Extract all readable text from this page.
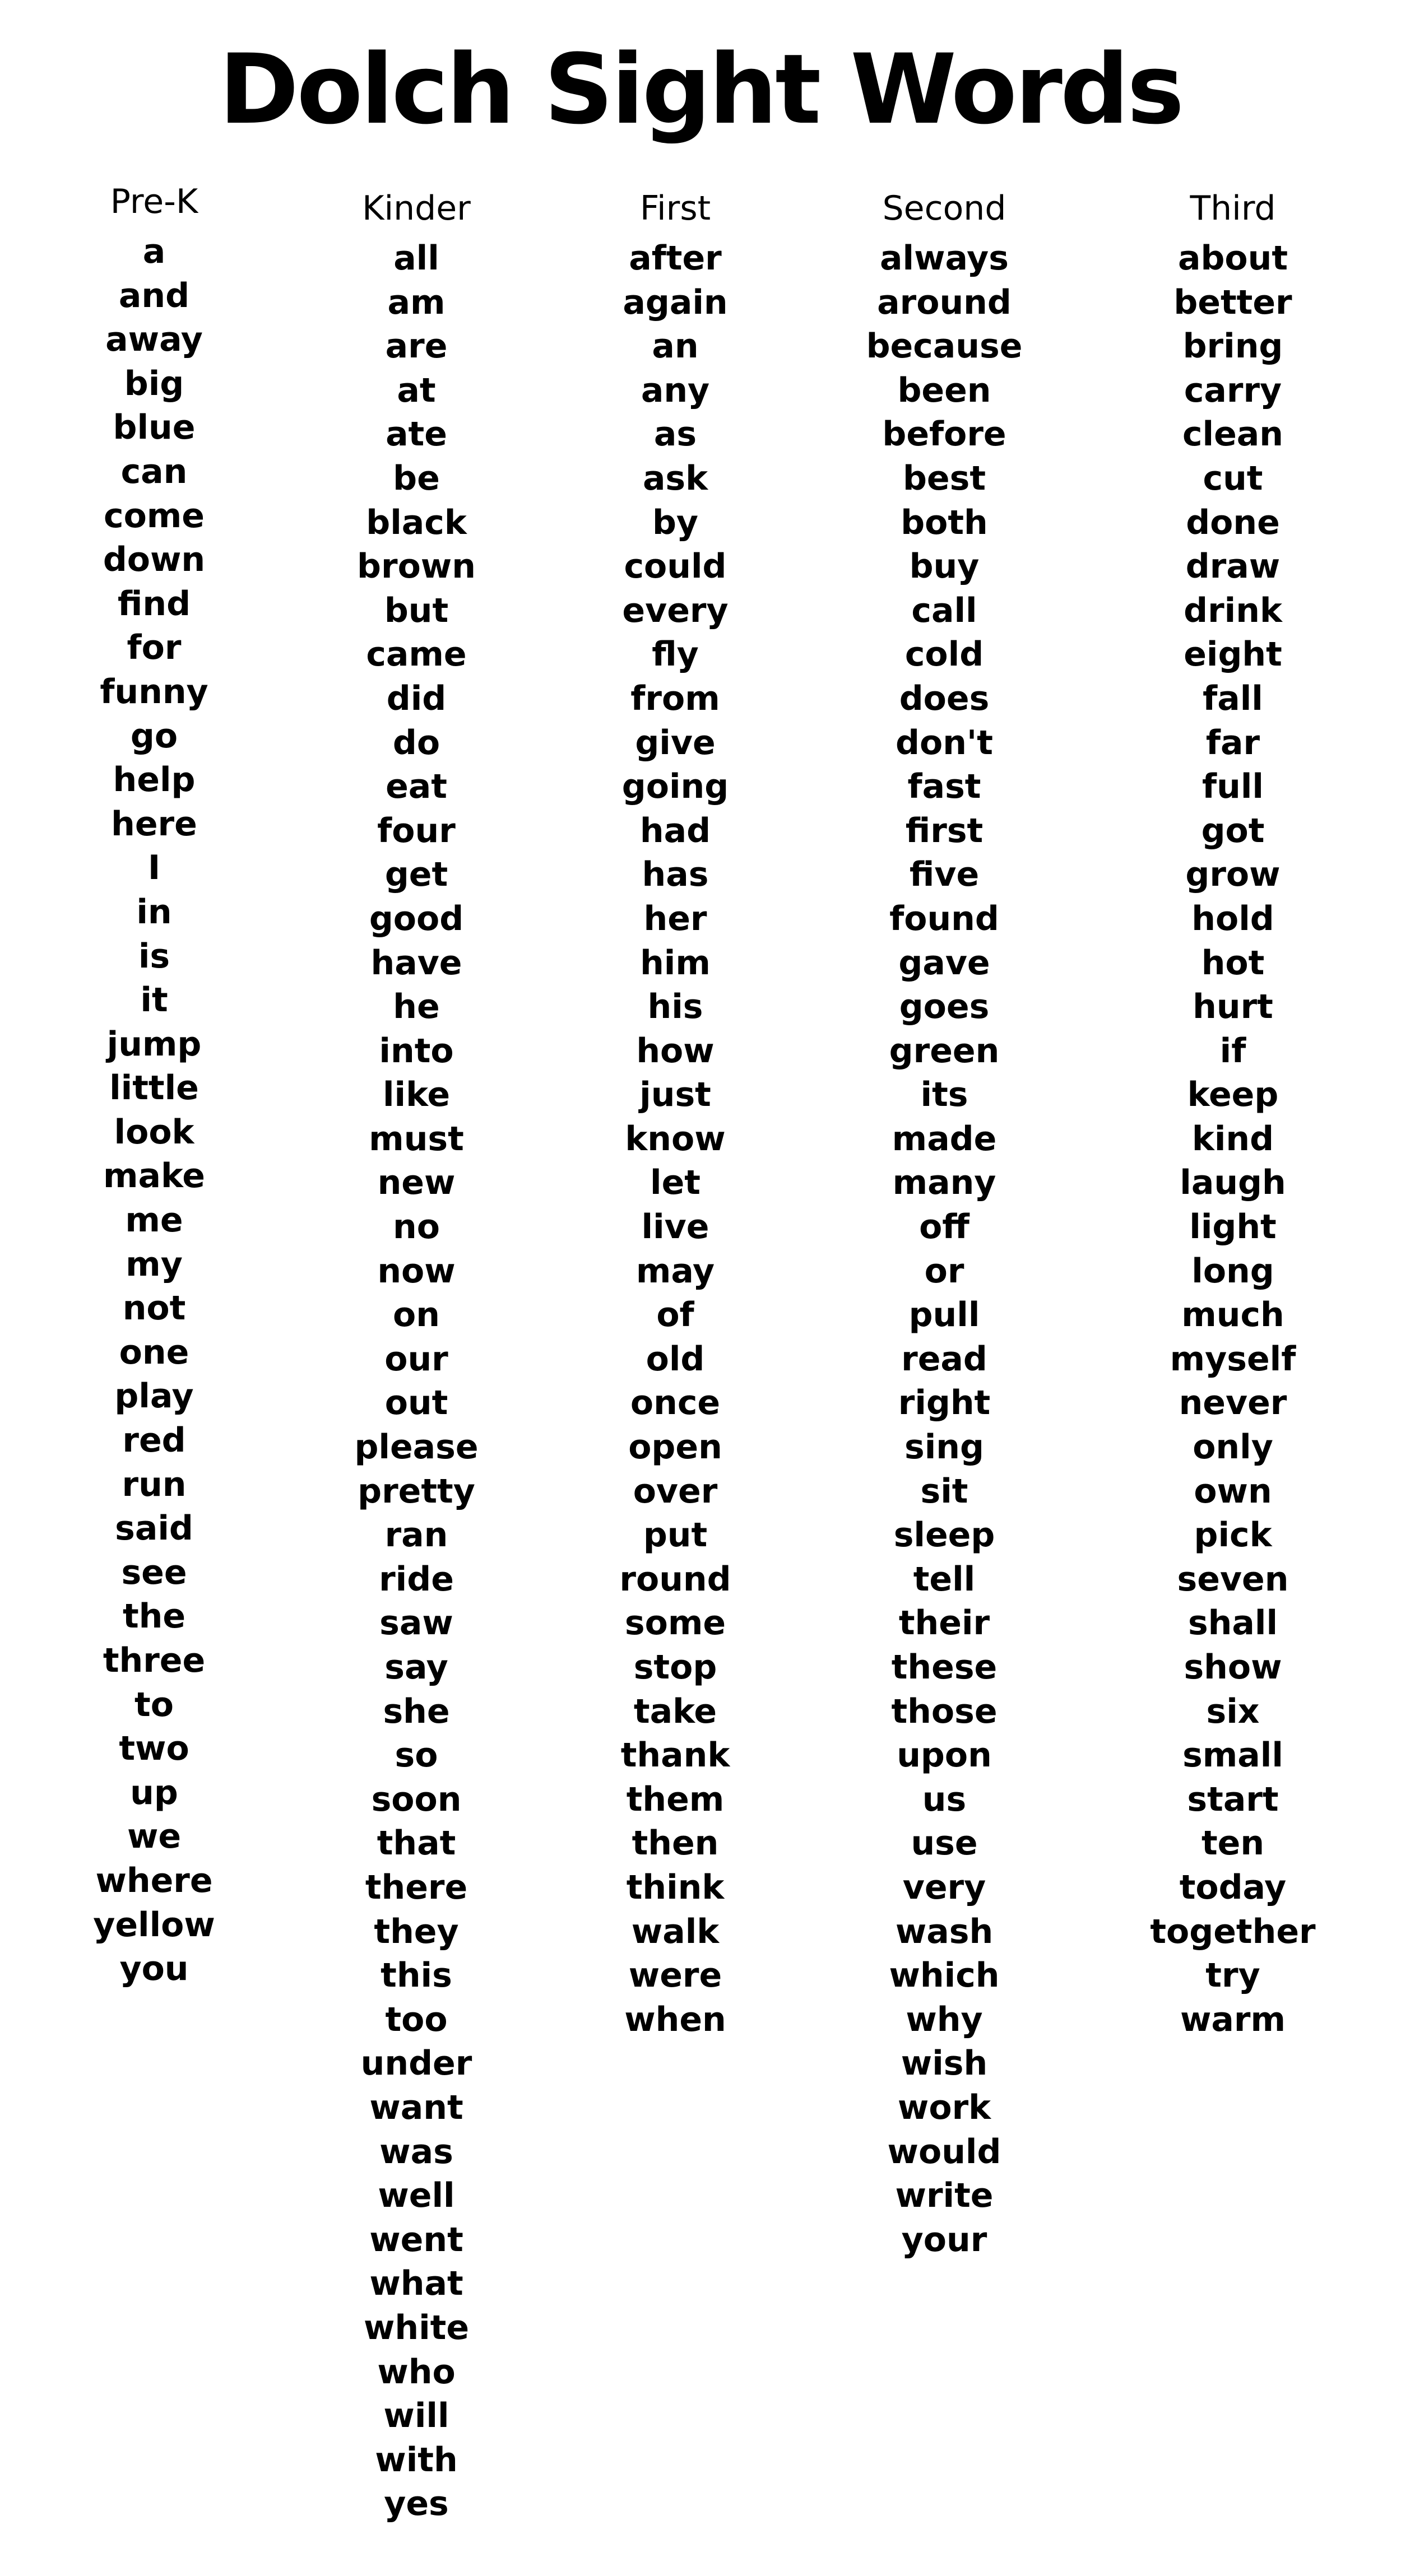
Dolch Sight Words
Pre-K
a
and
away
big
blue
can
come
down
find
for
funny
go
help
here
I
in
is
it
jump
little
look
make
me
my
not
one
play
red
run
said
see
the
three
to
two
up
we
where
yellow
you
Kinder
all
am
are
at
ate
be
black
brown
but
came
did
do
eat
four
get
good
have
he
into
like
must
new
no
now
on
our
out
please
pretty
ran
ride
saw
say
she
so
soon
that
there
they
this
too
under
want
was
well
went
what
white
who
will
with
yes
First
after
again
an
any
as
ask
by
could
every
fly
from
give
going
had
has
her
him
his
how
just
know
let
live
may
of
old
once
open
over
put
round
some
stop
take
thank
them
then
think
walk
were
when
Second
always
around
because
been
before
best
both
buy
call
cold
does
don't
fast
first
five
found
gave
goes
green
its
made
many
off
or
pull
read
right
sing
sit
sleep
tell
their
these
those
upon
us
use
very
wash
which
why
wish
work
would
write
your
Third
about
better
bring
carry
clean
cut
done
draw
drink
eight
fall
far
full
got
grow
hold
hot
hurt
if
keep
kind
laugh
light
long
much
myself
never
only
own
pick
seven
shall
show
six
small
start
ten
today
together
try
warm
